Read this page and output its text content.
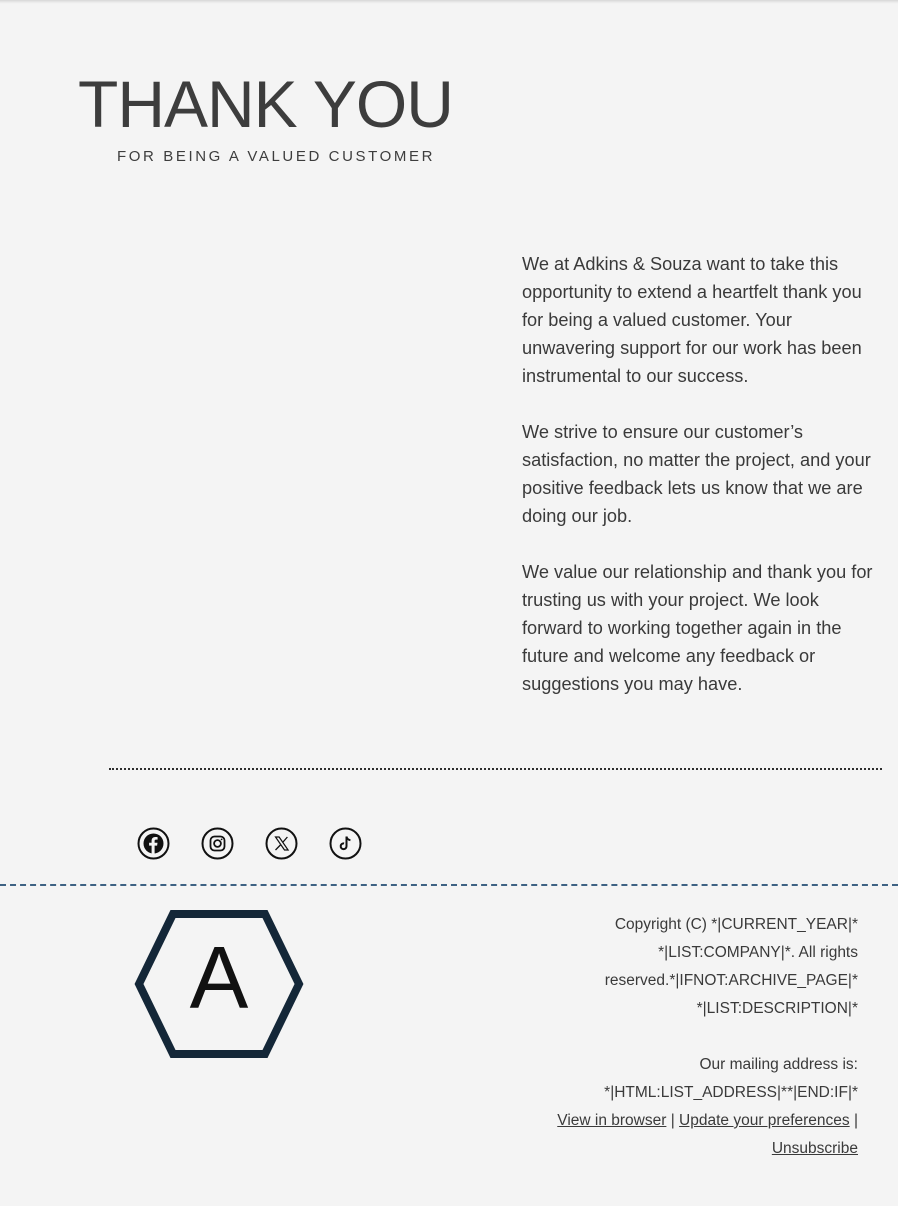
THANK YOU
FOR BEING A VALUED CUSTOMER

We at Adkins & Souza want to take this opportunity to extend a heartfelt thank you for being a valued customer. Your unwavering support for our work has been instrumental to our success.

We strive to ensure our customer’s satisfaction, no matter the project, and your positive feedback lets us know that we are doing our job.

We value our relationship and thank you for trusting us with your project. We look forward to working together again in the future and welcome any feedback or suggestions you may have.

A

Copyright (C) *|CURRENT_YEAR|*

*|LIST:COMPANY|*. All rights

reserved.*|IFNOT:ARCHIVE_PAGE|*

*|LIST:DESCRIPTION|*

Our mailing address is:

*|HTML:LIST_ADDRESS|**|END:IF|*

View in browser | Update your preferences |

Unsubscribe
